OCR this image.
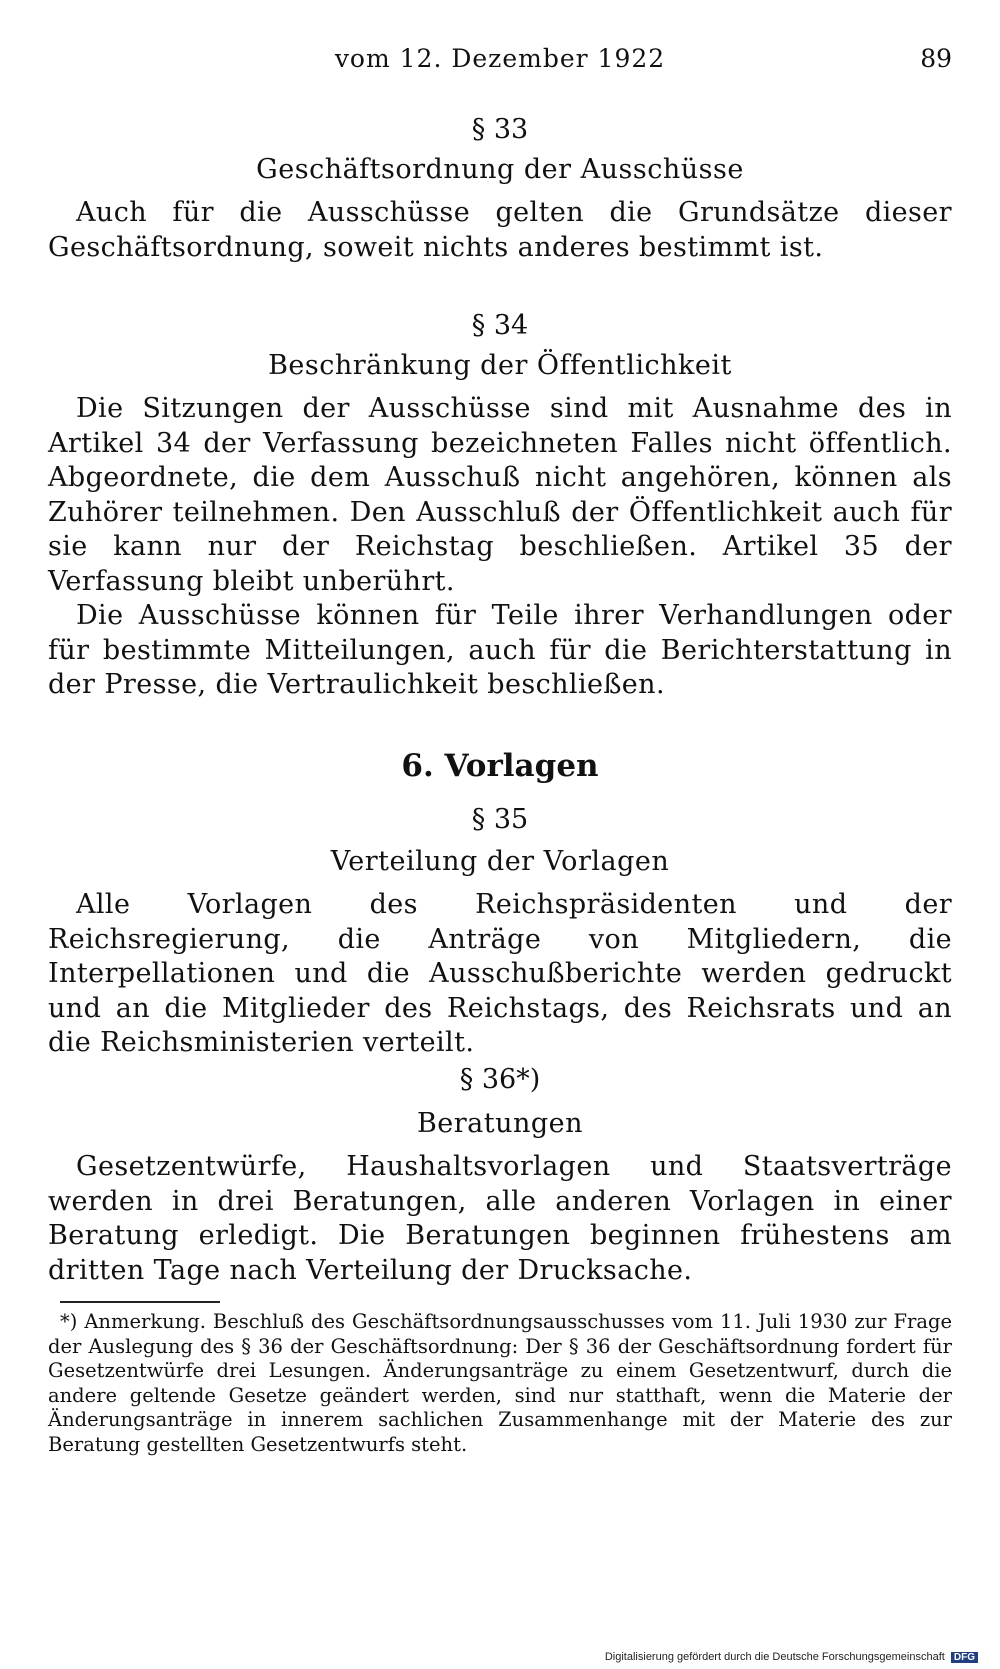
vom 12. Dezember 1922	89
§ 33
Geschäftsordnung der Ausschüsse

Auch für die Ausschüsse gelten die Grundsätze dieser Geschäftsordnung, soweit nichts anderes bestimmt ist.

§ 34
Beschränkung der Öffentlichkeit

Die Sitzungen der Ausschüsse sind mit Ausnahme des in Artikel 34 der Verfassung bezeichneten Falles nicht öffentlich. Abgeordnete, die dem Ausschuß nicht angehören, können als Zuhörer teilnehmen. Den Ausschluß der Öffentlichkeit auch für sie kann nur der Reichstag beschließen. Artikel 35 der Verfassung bleibt unberührt.

Die Ausschüsse können für Teile ihrer Verhandlungen oder für bestimmte Mitteilungen, auch für die Berichterstattung in der Presse, die Vertraulichkeit beschließen.

6. Vorlagen
§ 35
Verteilung der Vorlagen

Alle Vorlagen des Reichspräsidenten und der Reichsregierung, die Anträge von Mitgliedern, die Interpellationen und die Ausschußberichte werden gedruckt und an die Mitglieder des Reichstags, des Reichsrats und an die Reichsministerien verteilt.

§ 36*)
Beratungen

Gesetzentwürfe, Haushaltsvorlagen und Staatsverträge werden in drei Beratungen, alle anderen Vorlagen in einer Beratung erledigt. Die Beratungen beginnen frühestens am dritten Tage nach Verteilung der Drucksache.

*) Anmerkung. Beschluß des Geschäftsordnungsausschusses vom 11. Juli 1930 zur Frage der Auslegung des § 36 der Geschäftsordnung: Der § 36 der Geschäftsordnung fordert für Gesetzentwürfe drei Lesungen. Änderungsanträge zu einem Gesetzentwurf, durch die andere geltende Gesetze geändert werden, sind nur statthaft, wenn die Materie der Änderungsanträge in innerem sachlichen Zusammenhange mit der Materie des zur Beratung gestellten Gesetzentwurfs steht.

Digitalisierung gefördert durch die Deutsche Forschungsgemeinschaft DFG
